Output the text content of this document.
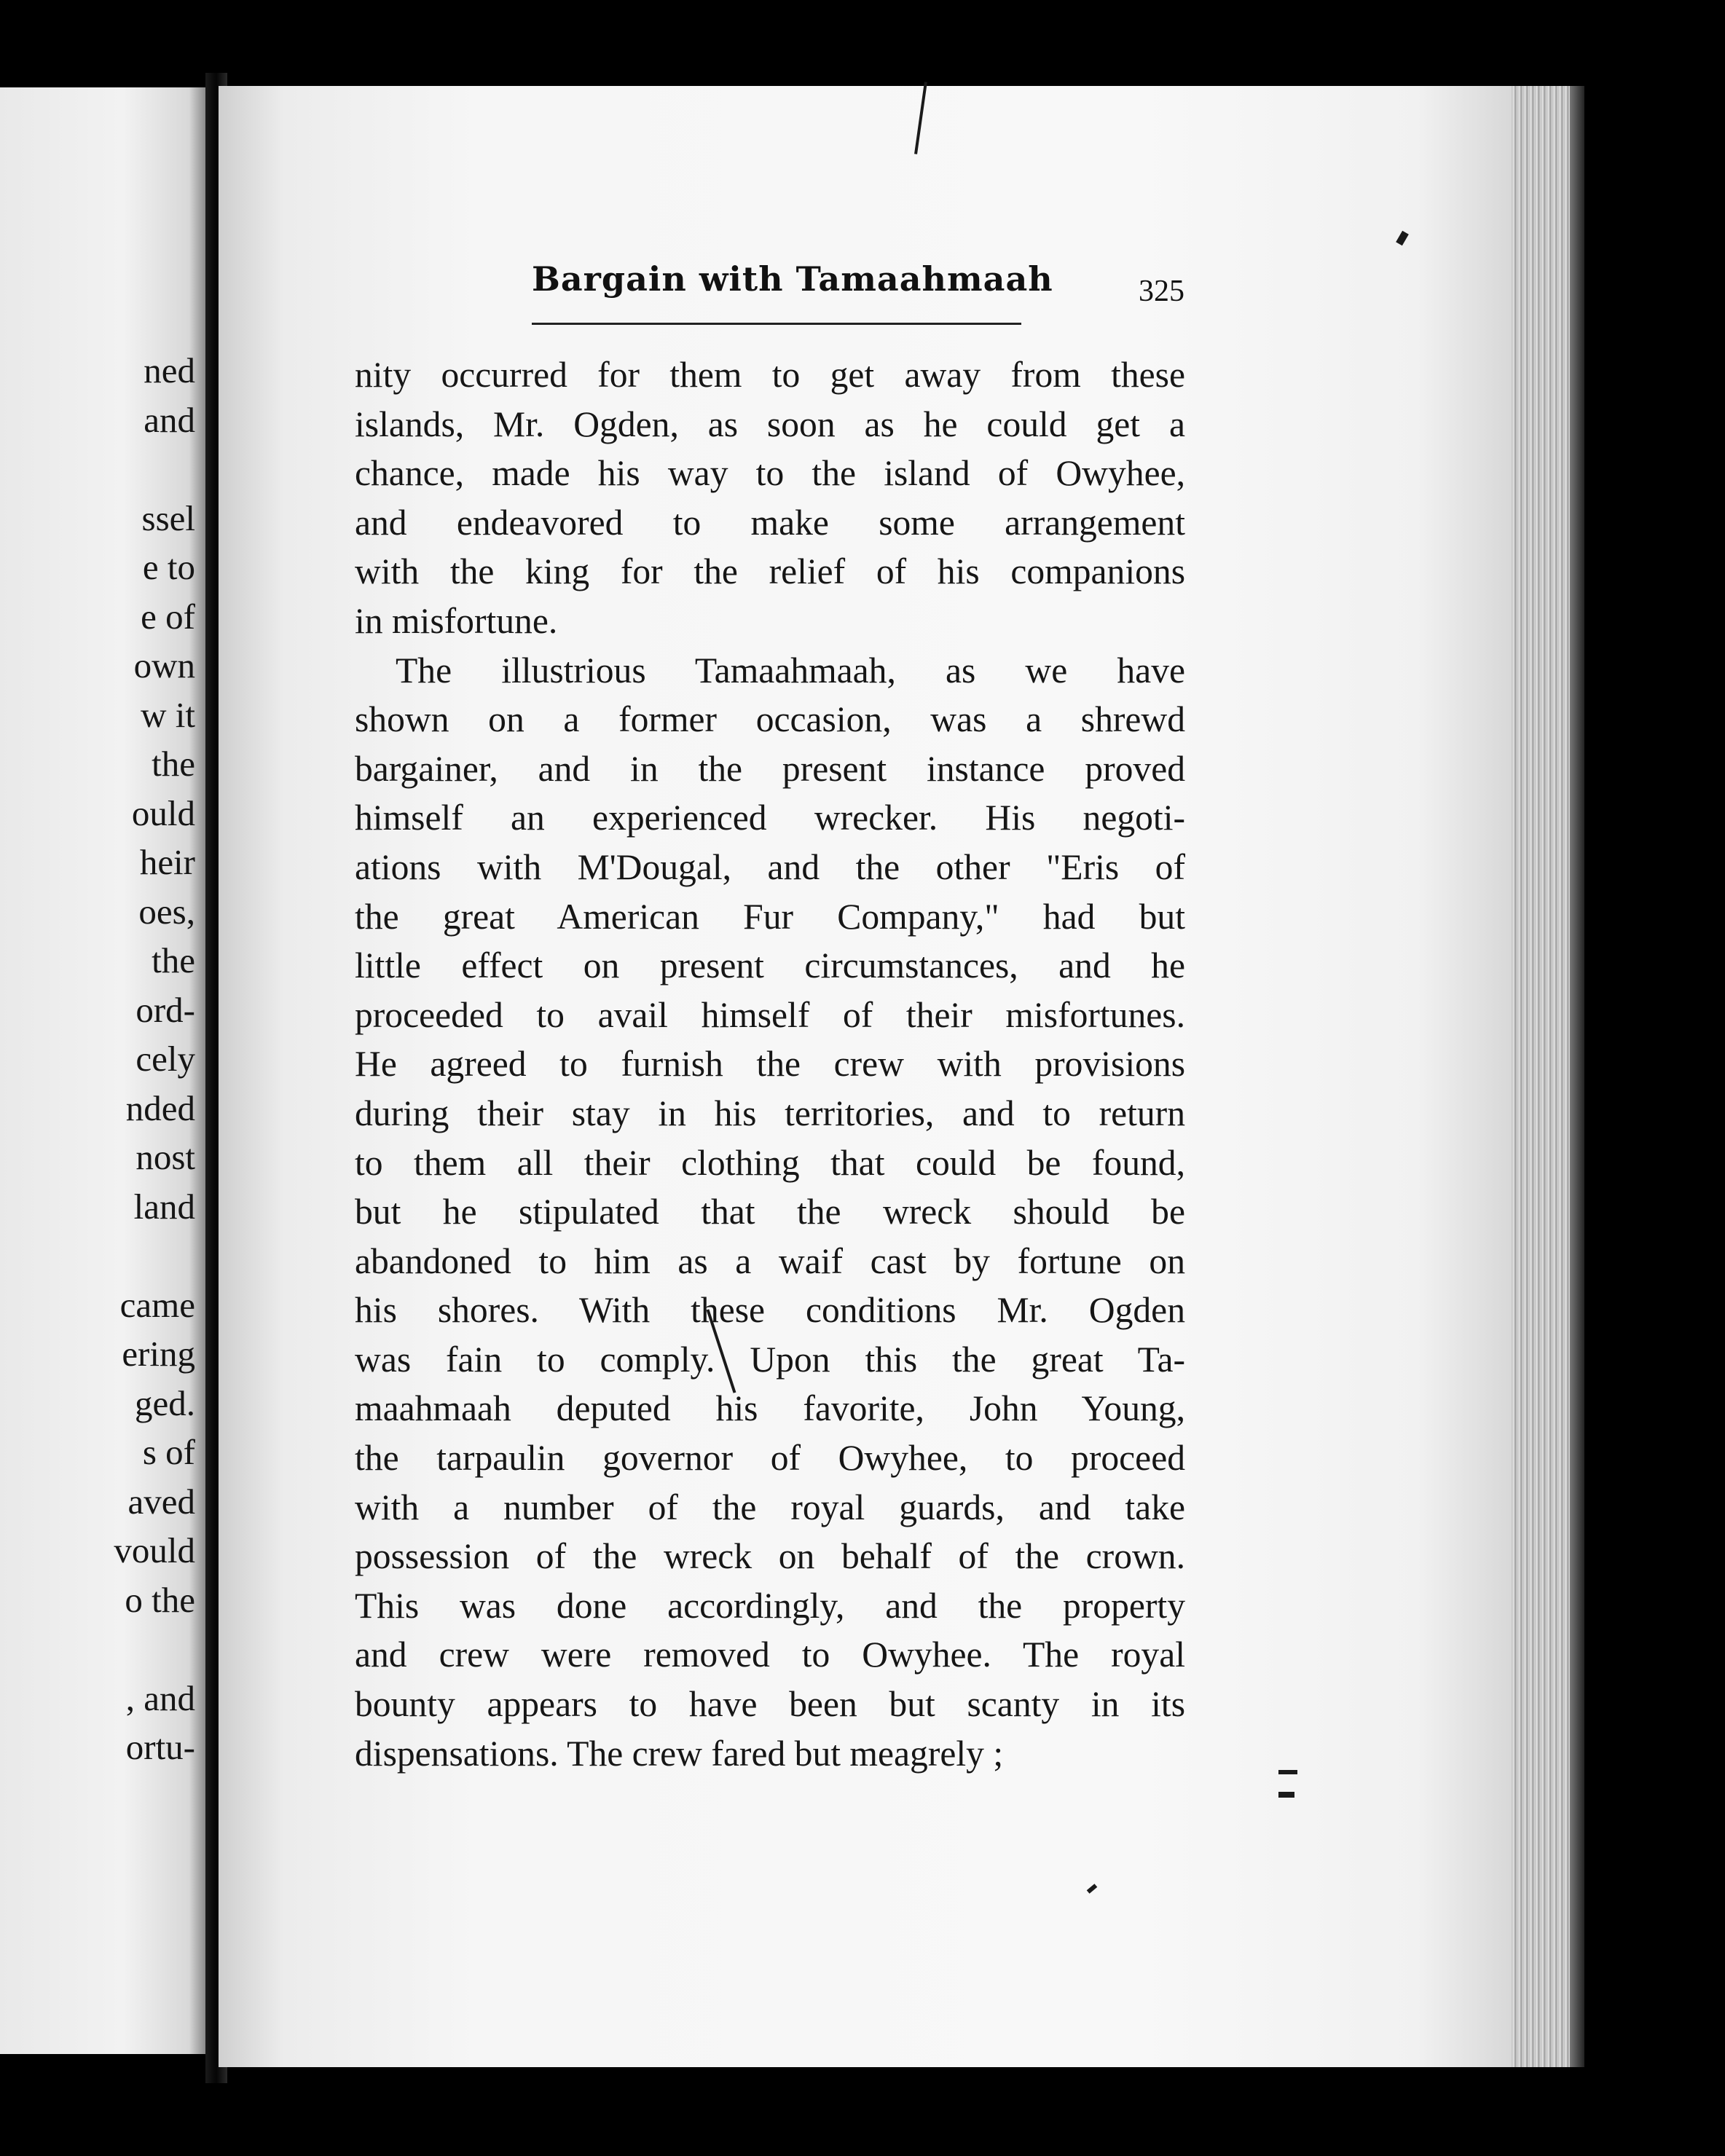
ned
and
ssel
e to
e of
own
w it
the
ould
heir
oes,
the
ord-
cely
nded
nost
land
came
ering
ged.
s of
aved
vould
o the
, and
ortu-
Bargain with Tamaahmaah	325
nity occurred for them to get away from these
islands, Mr. Ogden, as soon as he could get a
chance, made his way to the island of Owyhee,
and endeavored to make some arrangement
with the king for the relief of his companions
in misfortune.
The illustrious Tamaahmaah, as we have
shown on a former occasion, was a shrewd
bargainer, and in the present instance proved
himself an experienced wrecker. His negoti-
ations with M'Dougal, and the other "Eris of
the great American Fur Company," had but
little effect on present circumstances, and he
proceeded to avail himself of their misfortunes.
He agreed to furnish the crew with provisions
during their stay in his territories, and to return
to them all their clothing that could be found,
but he stipulated that the wreck should be
abandoned to him as a waif cast by fortune on
his shores. With these conditions Mr. Ogden
was fain to comply. Upon this the great Ta-
maahmaah deputed his favorite, John Young,
the tarpaulin governor of Owyhee, to proceed
with a number of the royal guards, and take
possession of the wreck on behalf of the crown.
This was done accordingly, and the property
and crew were removed to Owyhee. The royal
bounty appears to have been but scanty in its
dispensations. The crew fared but meagrely ;
